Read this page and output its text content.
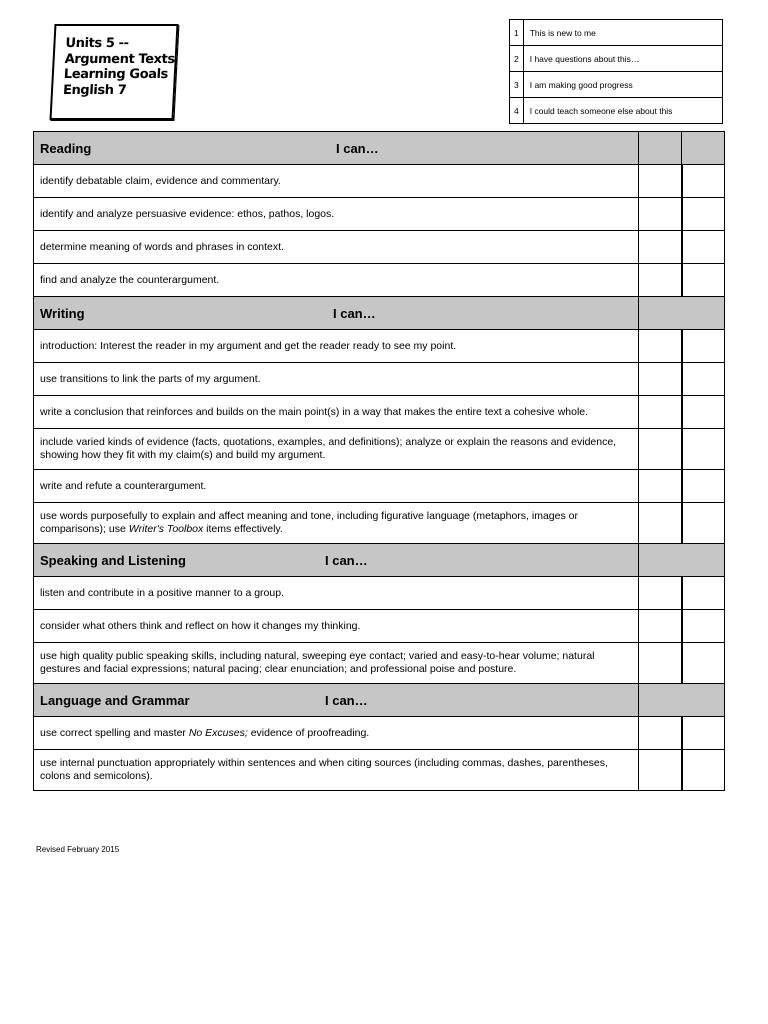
Units 5 --
Argument Texts
Learning Goals
English 7
1	This is new to me
2	I have questions about this…
3	I am making good progress
4	I could teach someone else about this
Reading I can…		

identify debatable claim, evidence and commentary.		
identify and analyze persuasive evidence: ethos, pathos, logos.		
determine meaning of words and phrases in context.		
find and analyze the counterargument.		

Writing I can…		

introduction: Interest the reader in my argument and get the reader ready to see my point.		
use transitions to link the parts of my argument.		
write a conclusion that reinforces and builds on the main point(s) in a way that makes the entire text a cohesive whole.		
include varied kinds of evidence (facts, quotations, examples, and definitions); analyze or explain the reasons and evidence, showing how they fit with my claim(s) and build my argument.		
write and refute a counterargument.		
use words purposefully to explain and affect meaning and tone, including figurative language (metaphors, images or comparisons); use Writer's Toolbox items effectively.		

Speaking and Listening I can…		

listen and contribute in a positive manner to a group.		
consider what others think and reflect on how it changes my thinking.		
use high quality public speaking skills, including natural, sweeping eye contact; varied and easy-to-hear volume; natural gestures and facial expressions; natural pacing; clear enunciation; and professional poise and posture.		

Language and Grammar I can…		

use correct spelling and master No Excuses; evidence of proofreading.		
use internal punctuation appropriately within sentences and when citing sources (including commas, dashes, parentheses, colons and semicolons).		
Revised February 2015
